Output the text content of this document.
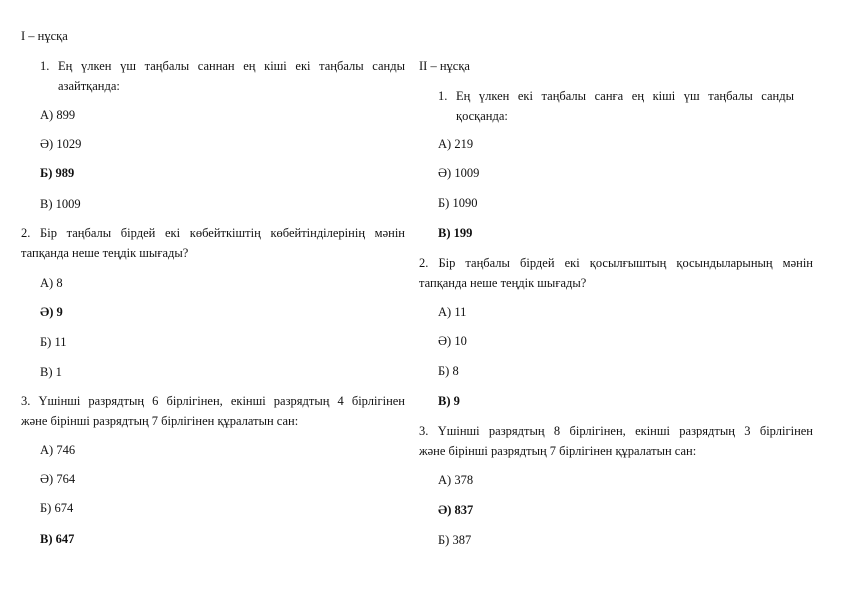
І – нұсқа
1. Ең үлкен үш таңбалы саннан ең кіші екі таңбалы санды
азайтқанда:
А) 899
Ә) 1029
Б) 989
В) 1009
2. Бір таңбалы бірдей екі көбейткіштің көбейтінділерінің мәнін
тапқанда неше теңдік шығады?
А) 8
Ә) 9
Б) 11
В) 1
3. Үшінші разрядтың 6 бірлігінен, екінші разрядтың 4 бірлігінен
және бірінші разрядтың 7 бірлігінен құралатын сан:
А) 746
Ә) 764
Б) 674
В) 647
ІІ – нұсқа
1. Ең үлкен екі таңбалы санға ең кіші үш таңбалы санды
қосқанда:
А) 219
Ә) 1009
Б) 1090
В) 199
2. Бір таңбалы бірдей екі қосылғыштың қосындыларының мәнін
тапқанда неше теңдік шығады?
А) 11
Ә) 10
Б) 8
В) 9
3. Үшінші разрядтың 8 бірлігінен, екінші разрядтың 3 бірлігінен
және бірінші разрядтың 7 бірлігінен құралатын сан:
А) 378
Ә) 837
Б) 387
